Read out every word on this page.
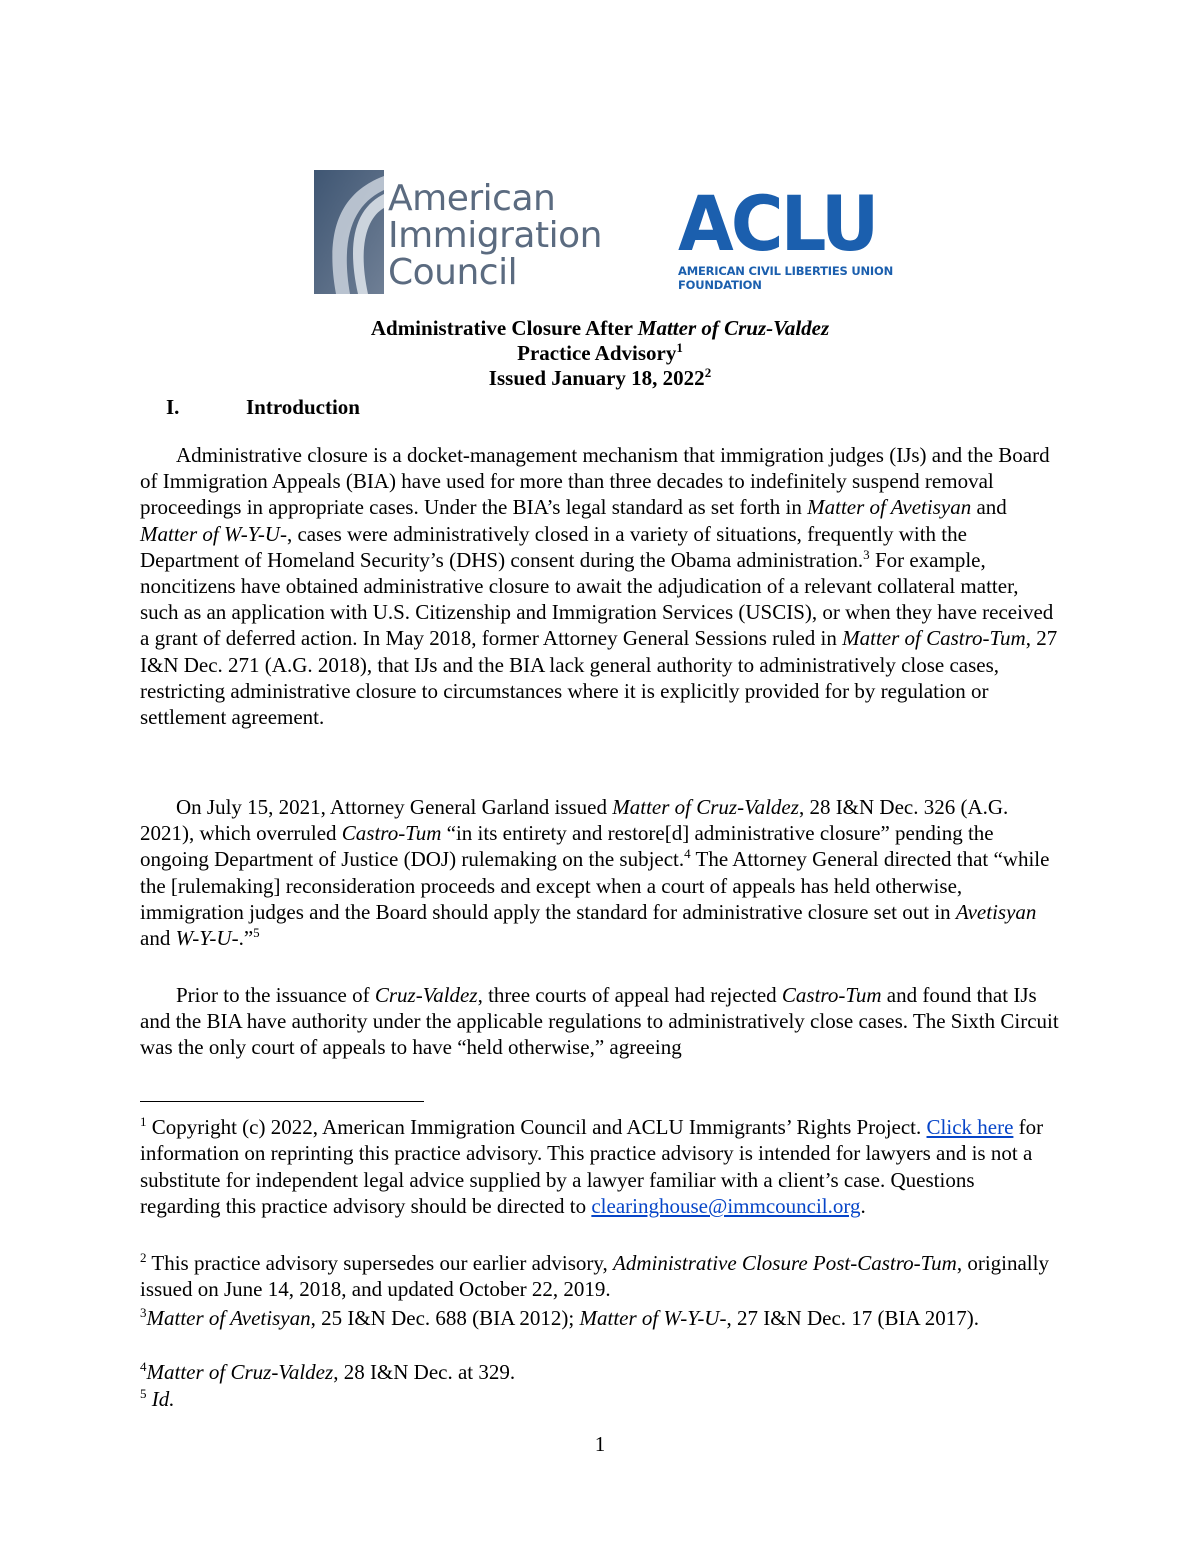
American
Immigration
Council
ACLU
AMERICAN CIVIL LIBERTIES UNION
FOUNDATION
Administrative Closure After Matter of Cruz-Valdez
Practice Advisory$^1$
Issued January 18, 2022$^2$
I.	Introduction
Administrative closure is a docket-management mechanism that immigration judges (IJs) and the Board of Immigration Appeals (BIA) have used for more than three decades to indefinitely suspend removal proceedings in appropriate cases. Under the BIA’s legal standard as set forth in Matter of Avetisyan and Matter of W-Y-U-, cases were administratively closed in a variety of situations, frequently with the Department of Homeland Security’s (DHS) consent during the Obama administration.$^3$ For example, noncitizens have obtained administrative closure to await the adjudication of a relevant collateral matter, such as an application with U.S. Citizenship and Immigration Services (USCIS), or when they have received a grant of deferred action. In May 2018, former Attorney General Sessions ruled in Matter of Castro-Tum, 27 I&N Dec. 271 (A.G. 2018), that IJs and the BIA lack general authority to administratively close cases, restricting administrative closure to circumstances where it is explicitly provided for by regulation or settlement agreement.
On July 15, 2021, Attorney General Garland issued Matter of Cruz-Valdez, 28 I&N Dec. 326 (A.G. 2021), which overruled Castro-Tum “in its entirety and restore[d] administrative closure” pending the ongoing Department of Justice (DOJ) rulemaking on the subject.$^4$ The Attorney General directed that “while the [rulemaking] reconsideration proceeds and except when a court of appeals has held otherwise, immigration judges and the Board should apply the standard for administrative closure set out in Avetisyan and W-Y-U-.”$^5$
Prior to the issuance of Cruz-Valdez, three courts of appeal had rejected Castro-Tum and found that IJs and the BIA have authority under the applicable regulations to administratively close cases. The Sixth Circuit was the only court of appeals to have “held otherwise,” agreeing
$^1$ Copyright (c) 2022, American Immigration Council and ACLU Immigrants’ Rights Project. Click here for information on reprinting this practice advisory. This practice advisory is intended for lawyers and is not a substitute for independent legal advice supplied by a lawyer familiar with a client’s case. Questions regarding this practice advisory should be directed to clearinghouse@immcouncil.org.
$^2$ This practice advisory supersedes our earlier advisory, Administrative Closure Post-Castro-Tum, originally issued on June 14, 2018, and updated October 22, 2019.
$^3$Matter of Avetisyan, 25 I&N Dec. 688 (BIA 2012); Matter of W-Y-U-, 27 I&N Dec. 17 (BIA 2017).
$^4$Matter of Cruz-Valdez, 28 I&N Dec. at 329.
$^5$ Id.
1
